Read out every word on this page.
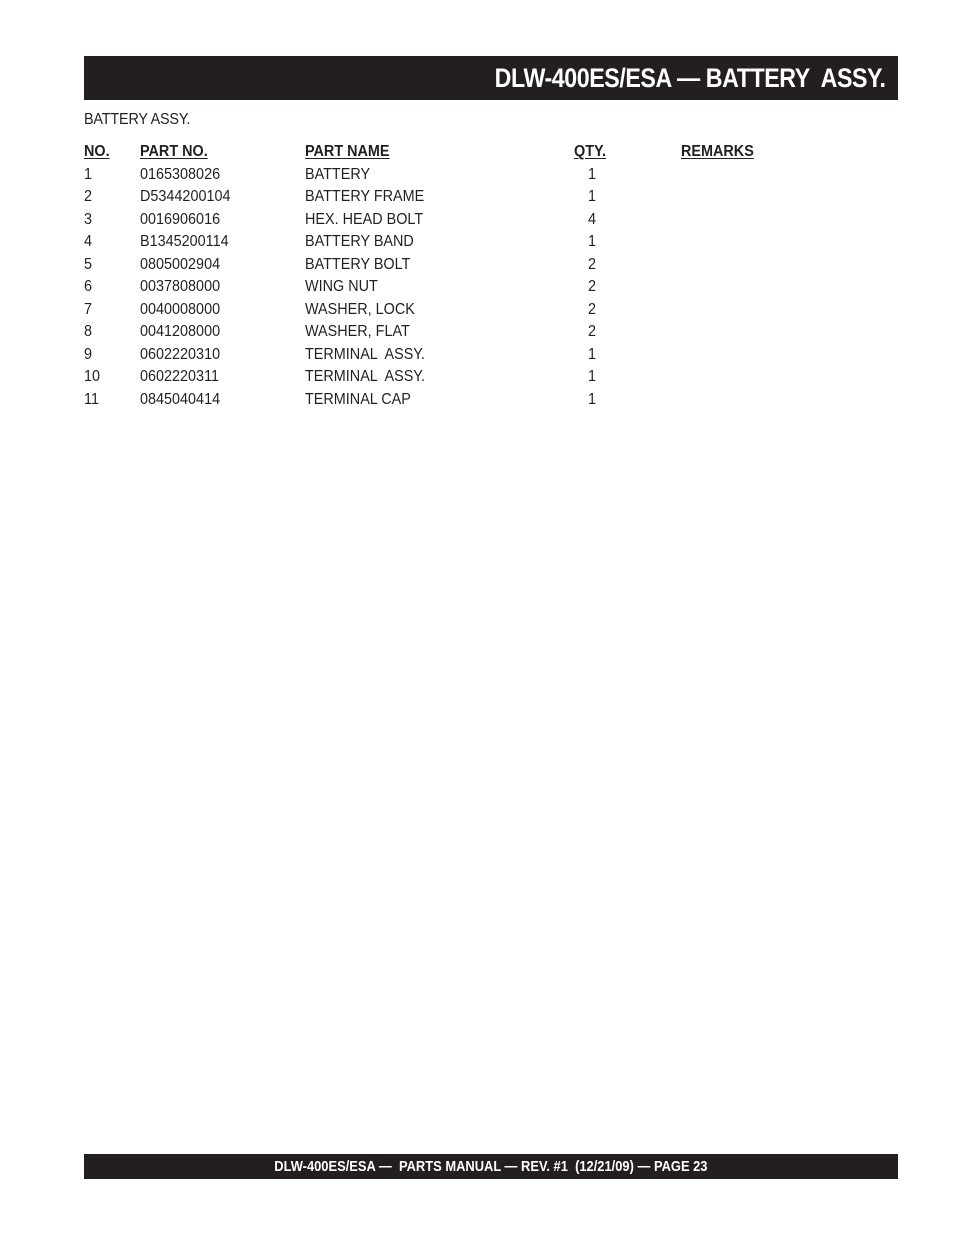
DLW-400ES/ESA — BATTERY  ASSY.
BATTERY ASSY.
NO. PART NO.	PART NAME	QTY.	REMARKS
1	0165308026	BATTERY	1
2	D5344200104	BATTERY FRAME	1
3	0016906016	HEX. HEAD BOLT	4
4	B1345200114	BATTERY BAND	1
5	0805002904	BATTERY BOLT	2
6	0037808000	WING NUT	2
7	0040008000	WASHER, LOCK	2
8	0041208000	WASHER, FLAT	2
9	0602220310	TERMINAL  ASSY.	1
10 0602220311	TERMINAL  ASSY.	1
11	0845040414	TERMINAL CAP	1
DLW-400ES/ESA —  PARTS MANUAL — REV. #1  (12/21/09) — PAGE 23
